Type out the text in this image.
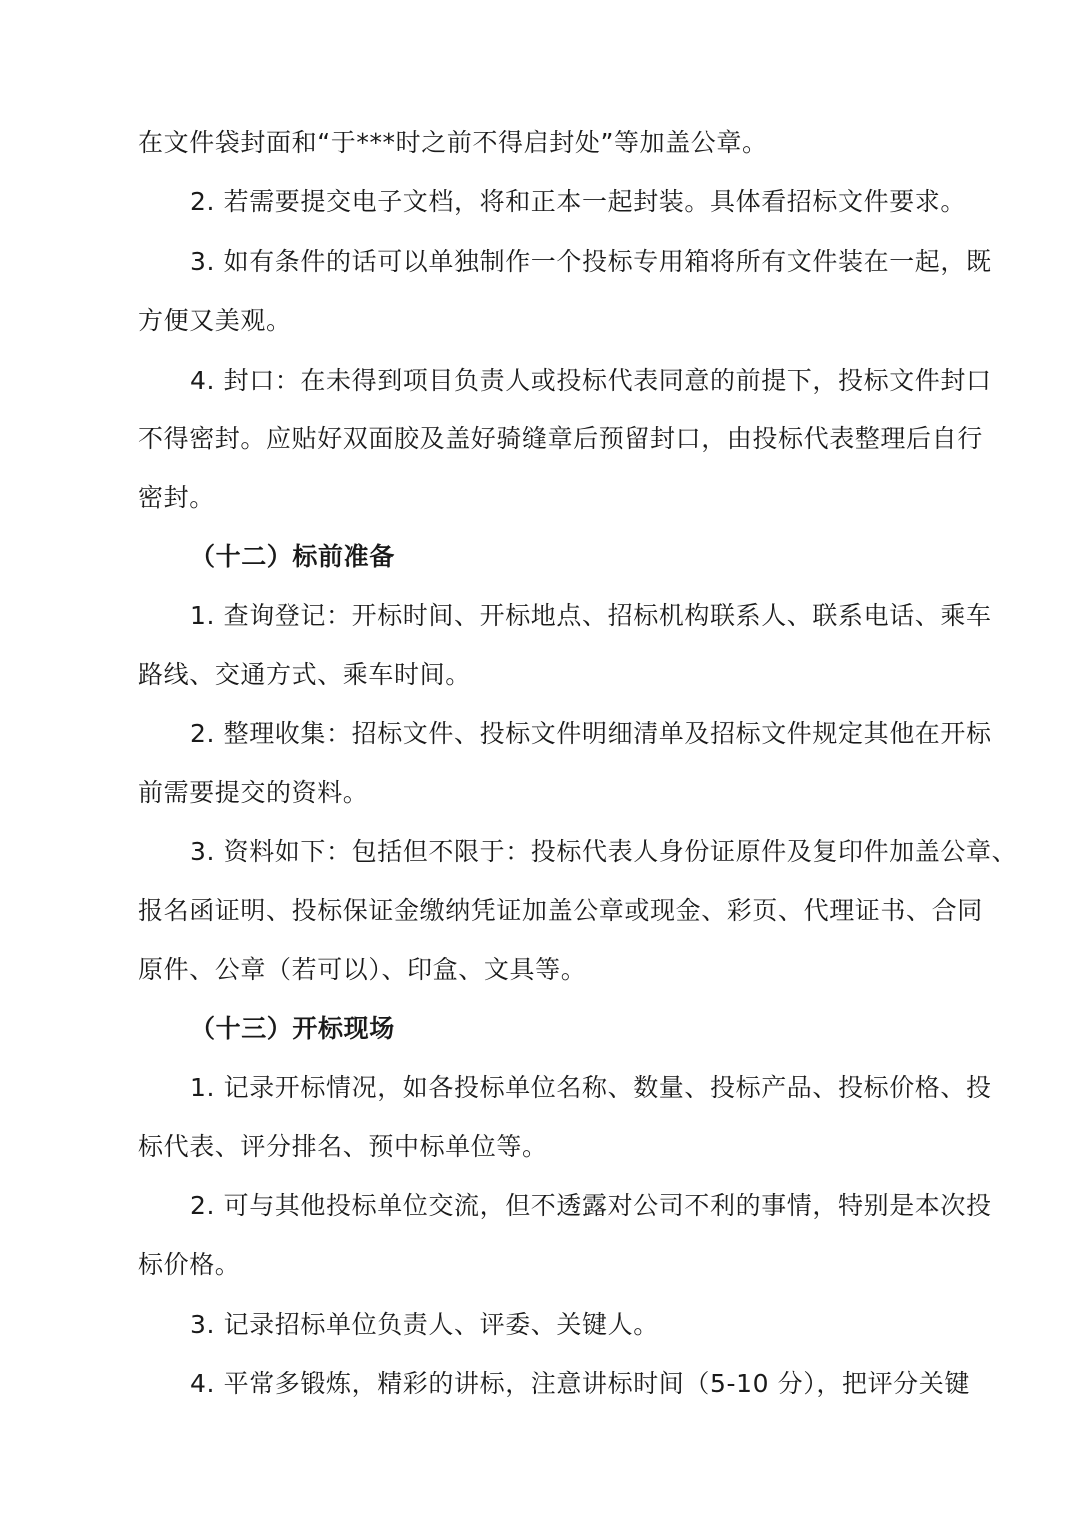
在文件袋封面和“于***时之前不得启封处”等加盖公章。
2. 若需要提交电子文档，将和正本一起封装。具体看招标文件要求。
3. 如有条件的话可以单独制作一个投标专用箱将所有文件装在一起，既
方便又美观。
4. 封口：在未得到项目负责人或投标代表同意的前提下，投标文件封口
不得密封。应贴好双面胶及盖好骑缝章后预留封口，由投标代表整理后自行
密封。
（十二）标前准备
1. 查询登记：开标时间、开标地点、招标机构联系人、联系电话、乘车
路线、交通方式、乘车时间。
2. 整理收集：招标文件、投标文件明细清单及招标文件规定其他在开标
前需要提交的资料。
3. 资料如下：包括但不限于：投标代表人身份证原件及复印件加盖公章、
报名函证明、投标保证金缴纳凭证加盖公章或现金、彩页、代理证书、合同
原件、公章（若可以）、印盒、文具等。
（十三）开标现场
1. 记录开标情况，如各投标单位名称、数量、投标产品、投标价格、投
标代表、评分排名、预中标单位等。
2. 可与其他投标单位交流，但不透露对公司不利的事情，特别是本次投
标价格。
3. 记录招标单位负责人、评委、关键人。
4. 平常多锻炼，精彩的讲标，注意讲标时间（5-10 分），把评分关键
